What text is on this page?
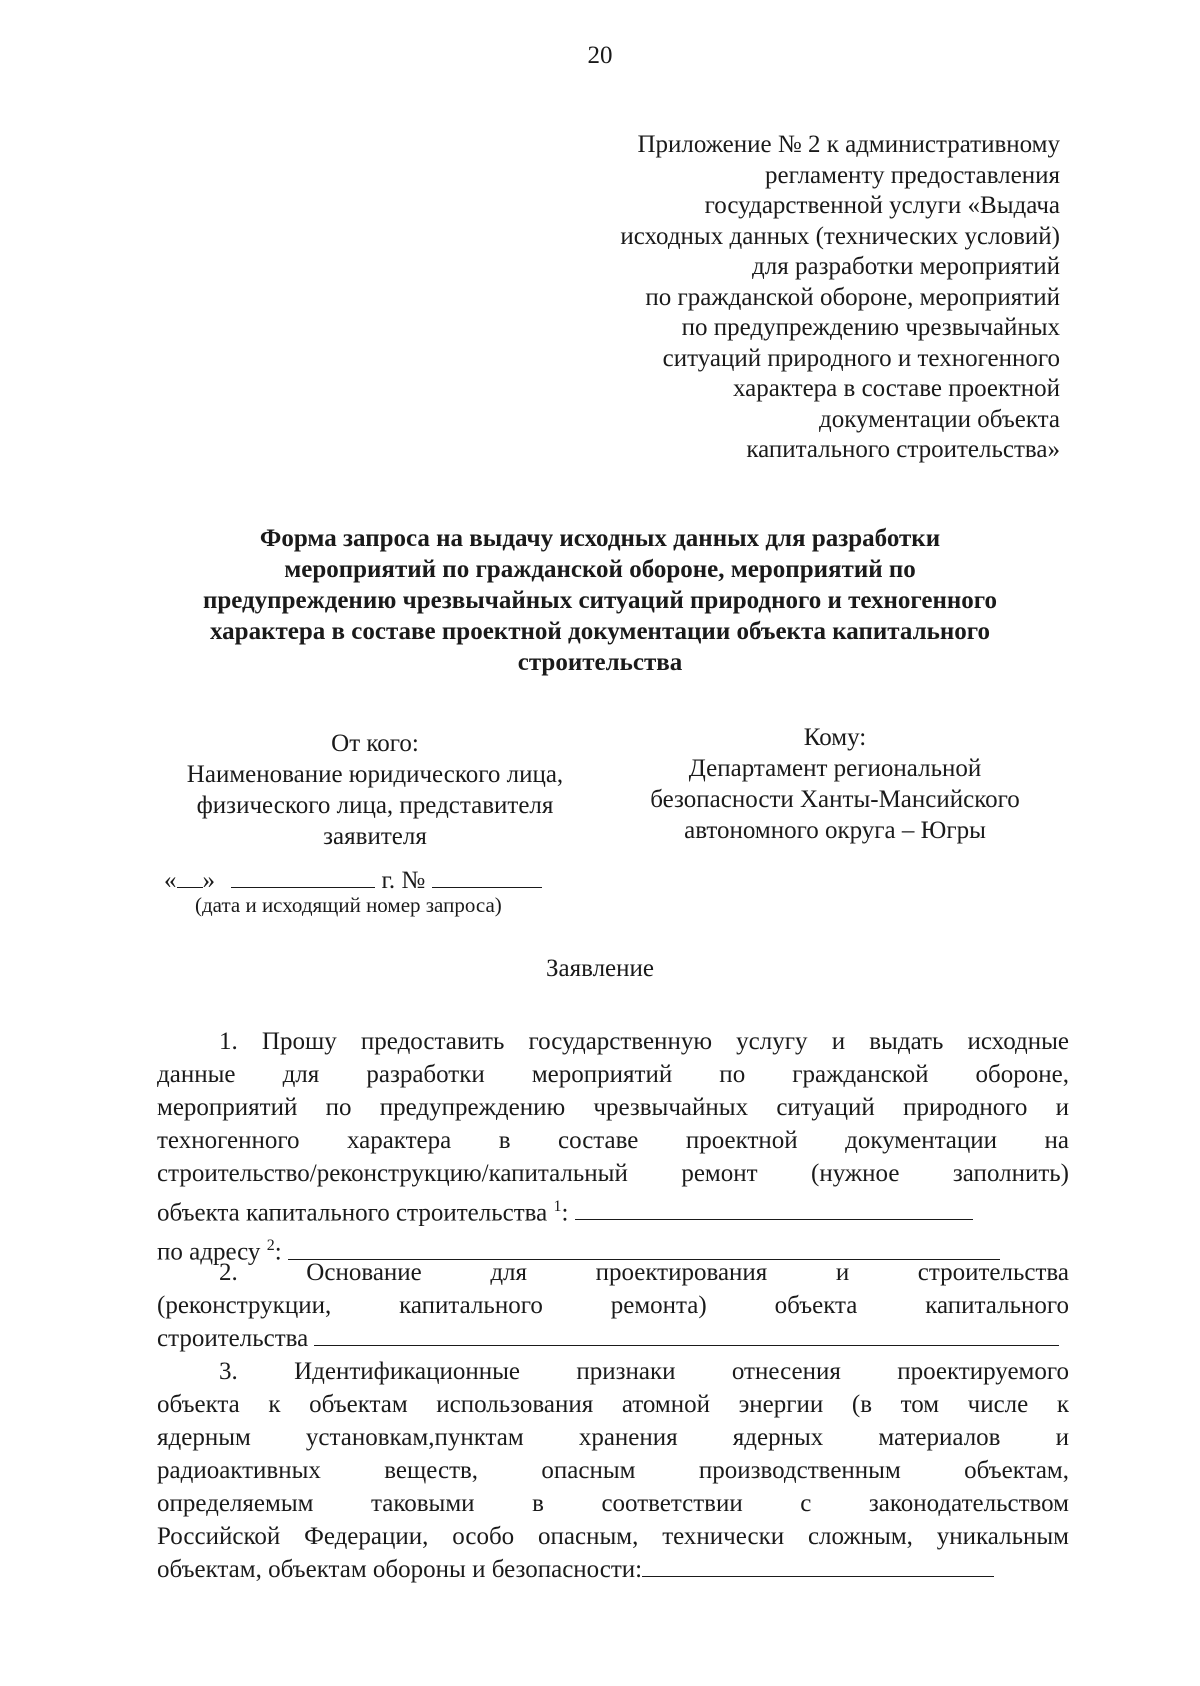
20
Приложение № 2 к административному
регламенту предоставления
государственной услуги «Выдача
исходных данных (технических условий)
для разработки мероприятий
по гражданской обороне, мероприятий
по предупреждению чрезвычайных
ситуаций природного и техногенного
характера в составе проектной
документации объекта
капитального строительства»
Форма запроса на выдачу исходных данных для разработки
мероприятий по гражданской обороне, мероприятий по
предупреждению чрезвычайных ситуаций природного и техногенного
характера в составе проектной документации объекта капитального
строительства
От кого:
Наименование юридического лица,
физического лица, представителя
заявителя
« »	г. №
(дата и исходящий номер запроса)
Кому:
Департамент региональной
безопасности Ханты-Мансийского
автономного округа – Югры
Заявление
1. Прошу предоставить государственную услугу и выдать исходные
данные для разработки мероприятий по гражданской обороне,
мероприятий по предупреждению чрезвычайных ситуаций природного и
техногенного характера в составе проектной документации на
строительство/реконструкцию/капитальный ремонт (нужное заполнить)
объекта капитального строительства $^1$:
по адресу $^2$:
2. Основание для проектирования и строительства
(реконструкции, капитального ремонта) объекта капитального
строительства
3. Идентификационные признаки отнесения проектируемого
объекта к объектам использования атомной энергии (в том числе к
ядерным установкам,пунктам хранения ядерных материалов и
радиоактивных веществ, опасным производственным объектам,
определяемым таковыми в соответствии с законодательством
Российской Федерации, особо опасным, технически сложным, уникальным
объектам, объектам обороны и безопасности:
